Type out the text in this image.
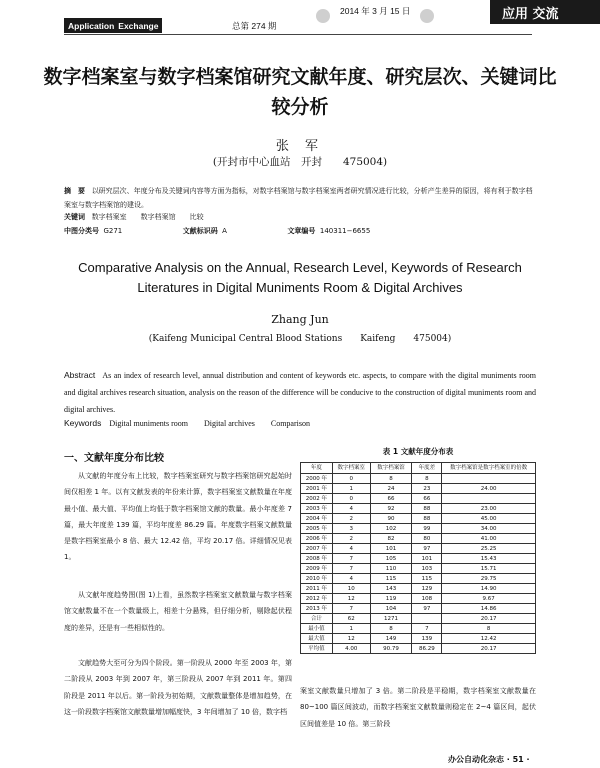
Application Exchange	总第 274 期
2014 年 3 月 15 日	应用 交流
数字档案室与数字档案馆研究文献年度、研究层次、关键词比较分析
张 军
(开封市中心血站　开封　　475004)
摘　要 以研究层次、年度分布及关键词内容等方面为指标，对数字档案馆与数字档案室两者研究情况进行比较，分析产生差异的原因，将有利于数字档案室与数字档案馆的建设。
关键词 数字档案室　　数字档案馆　　比较
中图分类号 G271	文献标识码 A	文章编号 140311−6655
Comparative Analysis on the Annual, Research Level, Keywords of Research Literatures in Digital Muniments Room & Digital Archives
Zhang Jun
(Kaifeng Municipal Central Blood Stations　　Kaifeng　　475004)
Abstract As an index of research level, annual distribution and content of keywords etc. aspects, to compare with the digital muniments room and digital archives research situation, analysis on the reason of the difference will be conducive to the construction of digital muniments room and digital archives.
Keywords Digital muniments room　　Digital archives　　Comparison
一、文献年度分布比较
从文献的年度分布上比较，数字档案室研究与数字档案馆研究起始时间仅相差 1 年。以有文献发表的年份来计算，数字档案室文献数量在年度最小值、最大值、平均值上均低于数字档案馆文献的数量。最小年度差 7 篇，最大年度差 139 篇，平均年度差 86.29 篇。年度数字档案文献数量是数字档案室最小 8 倍、最大 12.42 倍，平均 20.17 倍。详细情况见表 1。
从文献年度趋势图(图 1)上看，虽然数字档案室文献数量与数字档案馆文献数量不在一个数量级上，相差十分悬殊，但仔细分析，剔除起伏程度的差异，还是有一些相似性的。
文献趋势大至可分为四个阶段。第一阶段从 2000 年至 2003 年，第二阶段从 2003 年到 2007 年，第三阶段从 2007 年到 2011 年。第四阶段是 2011 年以后。第一阶段为初始期，文献数量整体是增加趋势，在这一阶段数字档案馆文献数量增加幅度快，3 年间增加了 10 倍，数字档
表 1 文献年度分布表
年度	数字档案室	数字档案馆	年度差	数字档案馆是数字档案室的倍数
2000 年	0	8	8	
2001 年	1	24	23	24.00
2002 年	0	66	66	
2003 年	4	92	88	23.00
2004 年	2	90	88	45.00
2005 年	3	102	99	34.00
2006 年	2	82	80	41.00
2007 年	4	101	97	25.25
2008 年	7	105	101	15.43
2009 年	7	110	103	15.71
2010 年	4	115	115	29.75
2011 年	10	143	129	14.90
2012 年	12	119	108	9.67
2013 年	7	104	97	14.86
合计	62	1271		20.17
最小值	1	8	7	8
最大值	12	149	139	12.42
平均值	4.00	90.79	86.29	20.17
案室文献数量只增加了 3 倍。第二阶段是平稳期，数字档案室文献数量在 80~100 篇区间波动，而数字档案室文献数量则稳定在 2~4 篇区间，起伏区间值差是 10 倍。第三阶段
办公自动化杂志 · 51 ·
